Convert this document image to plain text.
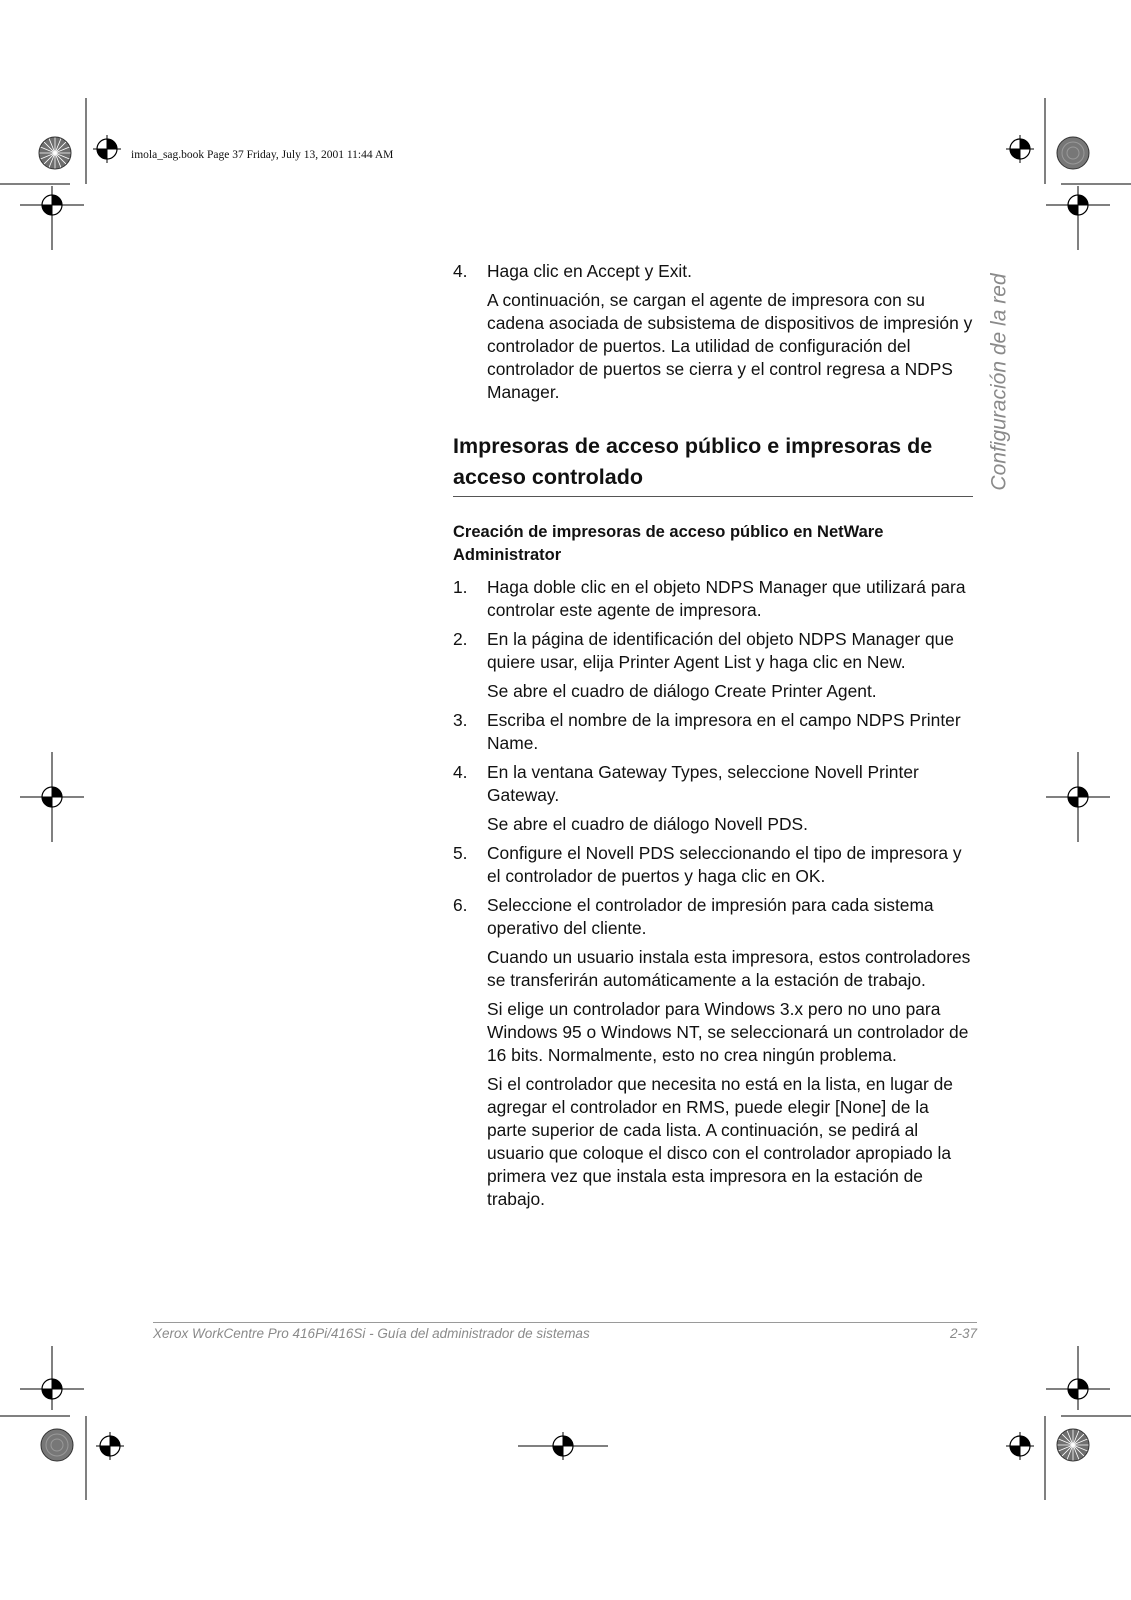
imola_sag.book Page 37 Friday, July 13, 2001 11:44 AM
Configuración de la red
4. Haga clic en Accept y Exit.
A continuación, se cargan el agente de impresora con su cadena asociada de subsistema de dispositivos de impresión y controlador de puertos. La utilidad de configuración del controlador de puertos se cierra y el control regresa a NDPS Manager.
Impresoras de acceso público e impresoras de acceso controlado
Creación de impresoras de acceso público en NetWare Administrator
1. Haga doble clic en el objeto NDPS Manager que utilizará para controlar este agente de impresora.
2. En la página de identificación del objeto NDPS Manager que quiere usar, elija Printer Agent List y haga clic en New.
Se abre el cuadro de diálogo Create Printer Agent.
3. Escriba el nombre de la impresora en el campo NDPS Printer Name.
4. En la ventana Gateway Types, seleccione Novell Printer Gateway.
Se abre el cuadro de diálogo Novell PDS.
5. Configure el Novell PDS seleccionando el tipo de impresora y el controlador de puertos y haga clic en OK.
6. Seleccione el controlador de impresión para cada sistema operativo del cliente.
Cuando un usuario instala esta impresora, estos controladores se transferirán automáticamente a la estación de trabajo.
Si elige un controlador para Windows 3.x pero no uno para Windows 95 o Windows NT, se seleccionará un controlador de 16 bits. Normalmente, esto no crea ningún problema.
Si el controlador que necesita no está en la lista, en lugar de agregar el controlador en RMS, puede elegir [None] de la parte superior de cada lista. A continuación, se pedirá al usuario que coloque el disco con el controlador apropiado la primera vez que instala esta impresora en la estación de trabajo.
Xerox WorkCentre Pro 416Pi/416Si - Guía del administrador de sistemas	2-37
